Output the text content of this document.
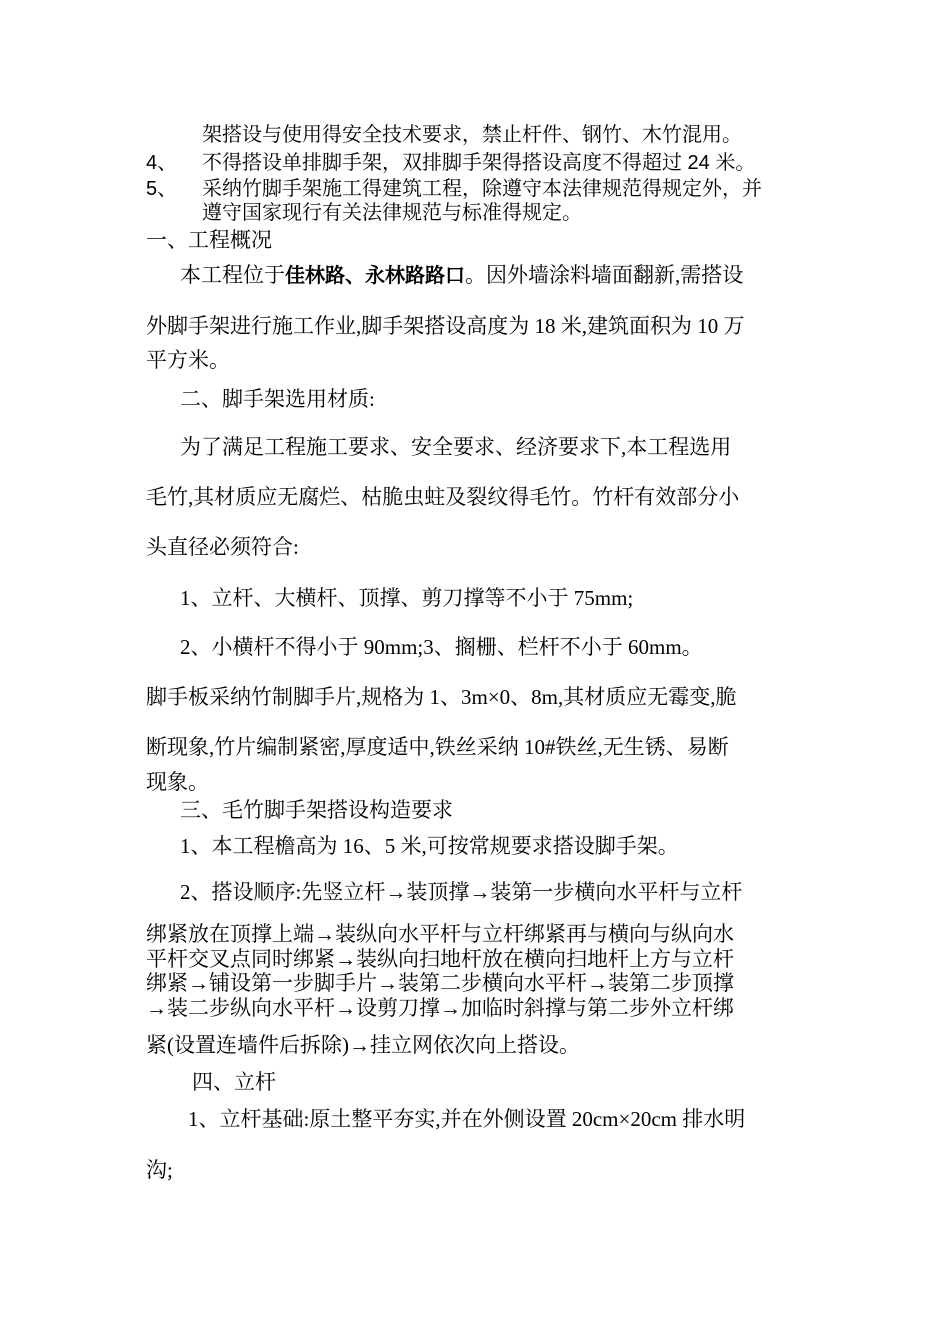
架搭设与使用得安全技术要求，禁止杆件、钢竹、木竹混用。
4、 不得搭设单排脚手架，双排脚手架得搭设高度不得超过 24 米。
5、 采纳竹脚手架施工得建筑工程，除遵守本法律规范得规定外，并
遵守国家现行有关法律规范与标准得规定。
一、工程概况
本工程位于佳林路、永林路路口。因外墙涂料墙面翻新,需搭设
外脚手架进行施工作业,脚手架搭设高度为 18 米,建筑面积为 10 万
平方米。
二、脚手架选用材质:
为了满足工程施工要求、安全要求、经济要求下,本工程选用
毛竹,其材质应无腐烂、枯脆虫蛀及裂纹得毛竹。竹杆有效部分小
头直径必须符合:
1、立杆、大横杆、顶撑、剪刀撑等不小于 75mm;
2、小横杆不得小于 90mm;3、搁栅、栏杆不小于 60mm。
脚手板采纳竹制脚手片,规格为 1、3m×0、8m,其材质应无霉变,脆
断现象,竹片编制紧密,厚度适中,铁丝采纳 10#铁丝,无生锈、易断
现象。
三、毛竹脚手架搭设构造要求
1、本工程檐高为 16、5 米,可按常规要求搭设脚手架。
2、搭设顺序:先竖立杆→装顶撑→装第一步横向水平杆与立杆
绑紧放在顶撑上端→装纵向水平杆与立杆绑紧再与横向与纵向水
平杆交叉点同时绑紧→装纵向扫地杆放在横向扫地杆上方与立杆
绑紧→铺设第一步脚手片→装第二步横向水平杆→装第二步顶撑
→装二步纵向水平杆→设剪刀撑→加临时斜撑与第二步外立杆绑
紧(设置连墙件后拆除)→挂立网依次向上搭设。
四、立杆
1、立杆基础:原土整平夯实,并在外侧设置 20cm×20cm 排水明
沟;
